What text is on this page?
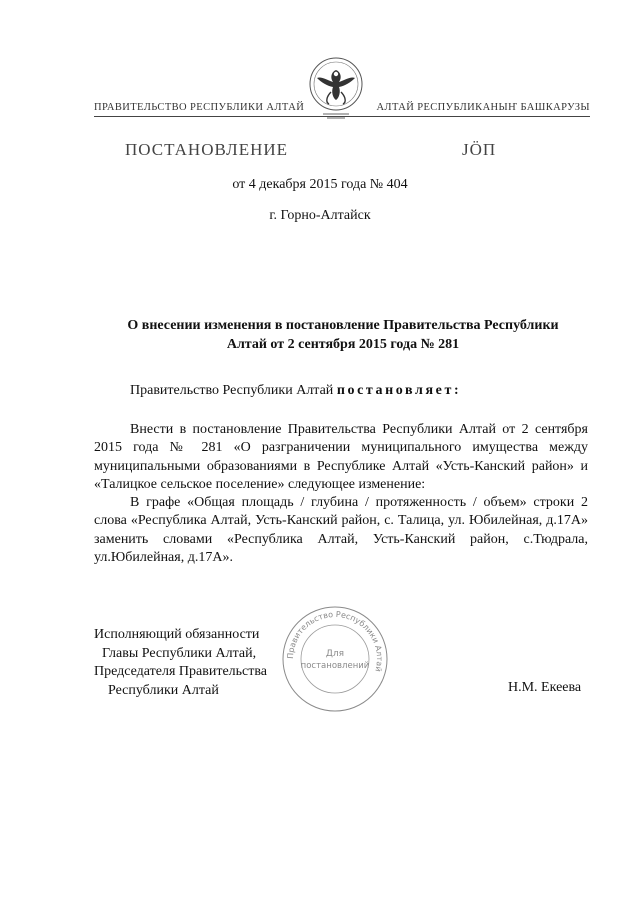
ПРАВИТЕЛЬСТВО РЕСПУБЛИКИ АЛТАЙ	АЛТАЙ РЕСПУБЛИКАНЫҤ БАШКАРУЗЫ
ПОСТАНОВЛЕНИЕ	ЈӦП
от 4 декабря 2015 года № 404
г. Горно-Алтайск
О внесении изменения в постановление Правительства Республики
Алтай от 2 сентября 2015 года № 281
Правительство Республики Алтай постановляет:

Внести в постановление Правительства Республики Алтай от 2 сентября 2015 года № 281 «О разграничении муниципального имущества между муниципальными образованиями в Республике Алтай «Усть-Канский район» и «Талицкое сельское поселение» следующее изменение:

В графе «Общая площадь / глубина / протяженность / объем» строки 2 слова «Республика Алтай, Усть-Канский район, с. Талица, ул. Юбилейная, д.17А» заменить словами «Республика Алтай, Усть-Канский район, с.Тюдрала, ул.Юбилейная, д.17А».

Правительство Республики Алтай
Для
постановлений
Исполняющий обязанности
Главы Республики Алтай,
Председателя Правительства
Республики Алтай	Н.М. Екеева
